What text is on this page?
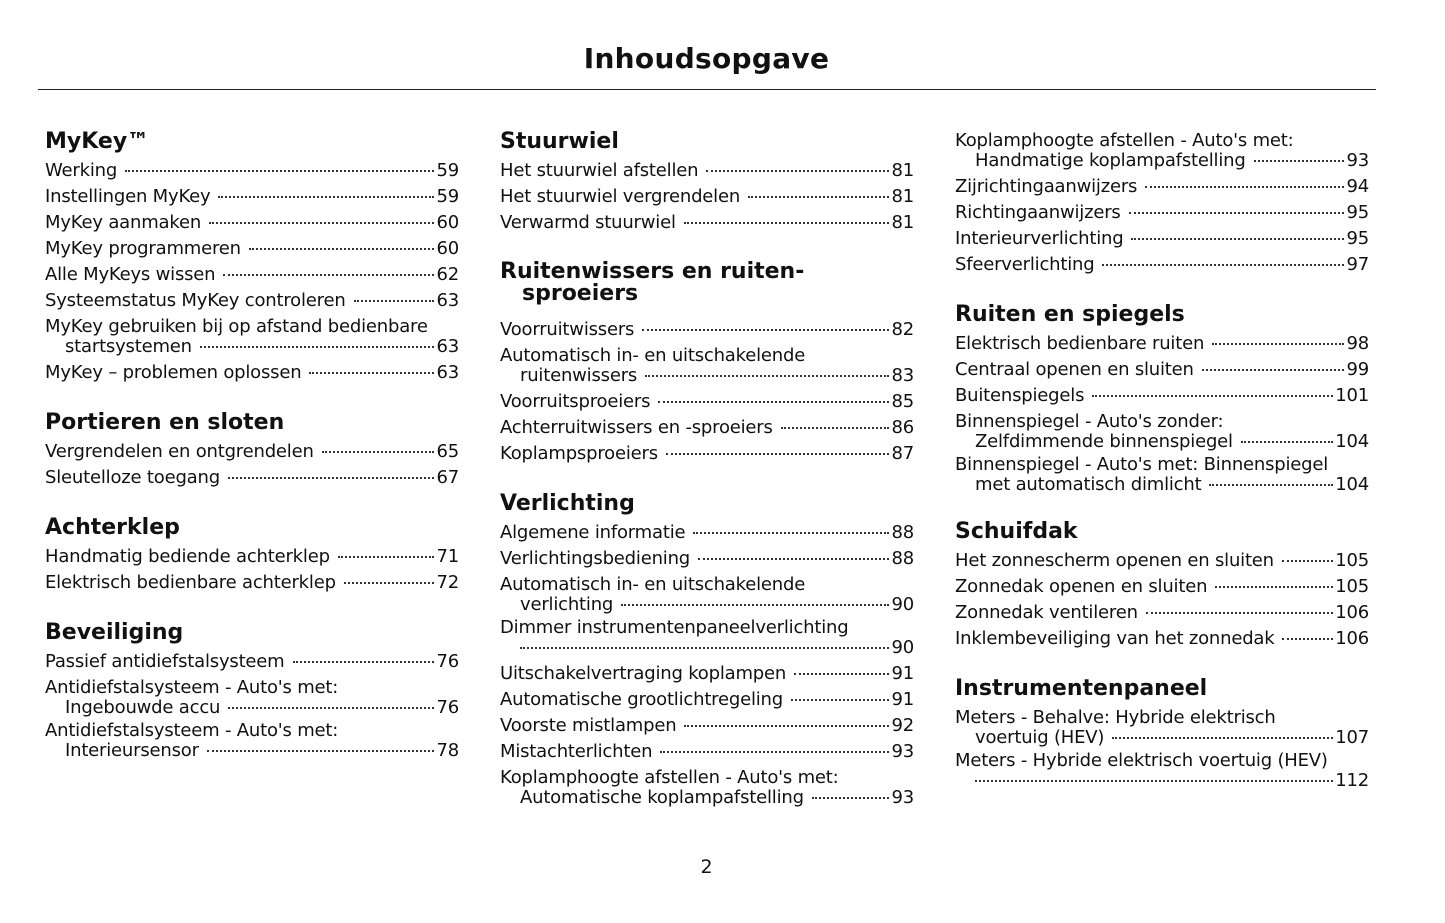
Inhoudsopgave
MyKey™
Werking	59
Instellingen MyKey	59
MyKey aanmaken	60
MyKey programmeren	60
Alle MyKeys wissen	62
Systeemstatus MyKey controleren	63
MyKey gebruiken bij op afstand bedienbare
startsystemen	63
MyKey – problemen oplossen	63
Portieren en sloten
Vergrendelen en ontgrendelen	65
Sleutelloze toegang	67
Achterklep
Handmatig bediende achterklep	71
Elektrisch bedienbare achterklep	72
Beveiliging
Passief antidiefstalsysteem	76
Antidiefstalsysteem - Auto's met:
Ingebouwde accu	76
Antidiefstalsysteem - Auto's met:
Interieursensor	78
Stuurwiel
Het stuurwiel afstellen	81
Het stuurwiel vergrendelen	81
Verwarmd stuurwiel	81
Ruitenwissers en ruiten-
sproeiers
Voorruitwissers	82
Automatisch in- en uitschakelende
ruitenwissers	83
Voorruitsproeiers	85
Achterruitwissers en -sproeiers	86
Koplampsproeiers	87
Verlichting
Algemene informatie	88
Verlichtingsbediening	88
Automatisch in- en uitschakelende
verlichting	90
Dimmer instrumentenpaneelverlichting
90
Uitschakelvertraging koplampen	91
Automatische grootlichtregeling	91
Voorste mistlampen	92
Mistachterlichten	93
Koplamphoogte afstellen - Auto's met:
Automatische koplampafstelling	93
Koplamphoogte afstellen - Auto's met:
Handmatige koplampafstelling	93
Zijrichtingaanwijzers	94
Richtingaanwijzers	95
Interieurverlichting	95
Sfeerverlichting	97
Ruiten en spiegels
Elektrisch bedienbare ruiten	98
Centraal openen en sluiten	99
Buitenspiegels	101
Binnenspiegel - Auto's zonder:
Zelfdimmende binnenspiegel	104
Binnenspiegel - Auto's met: Binnenspiegel
met automatisch dimlicht	104
Schuifdak
Het zonnescherm openen en sluiten	105
Zonnedak openen en sluiten	105
Zonnedak ventileren	106
Inklembeveiliging van het zonnedak	106
Instrumentenpaneel
Meters - Behalve: Hybride elektrisch
voertuig (HEV)	107
Meters - Hybride elektrisch voertuig (HEV)
112
2
